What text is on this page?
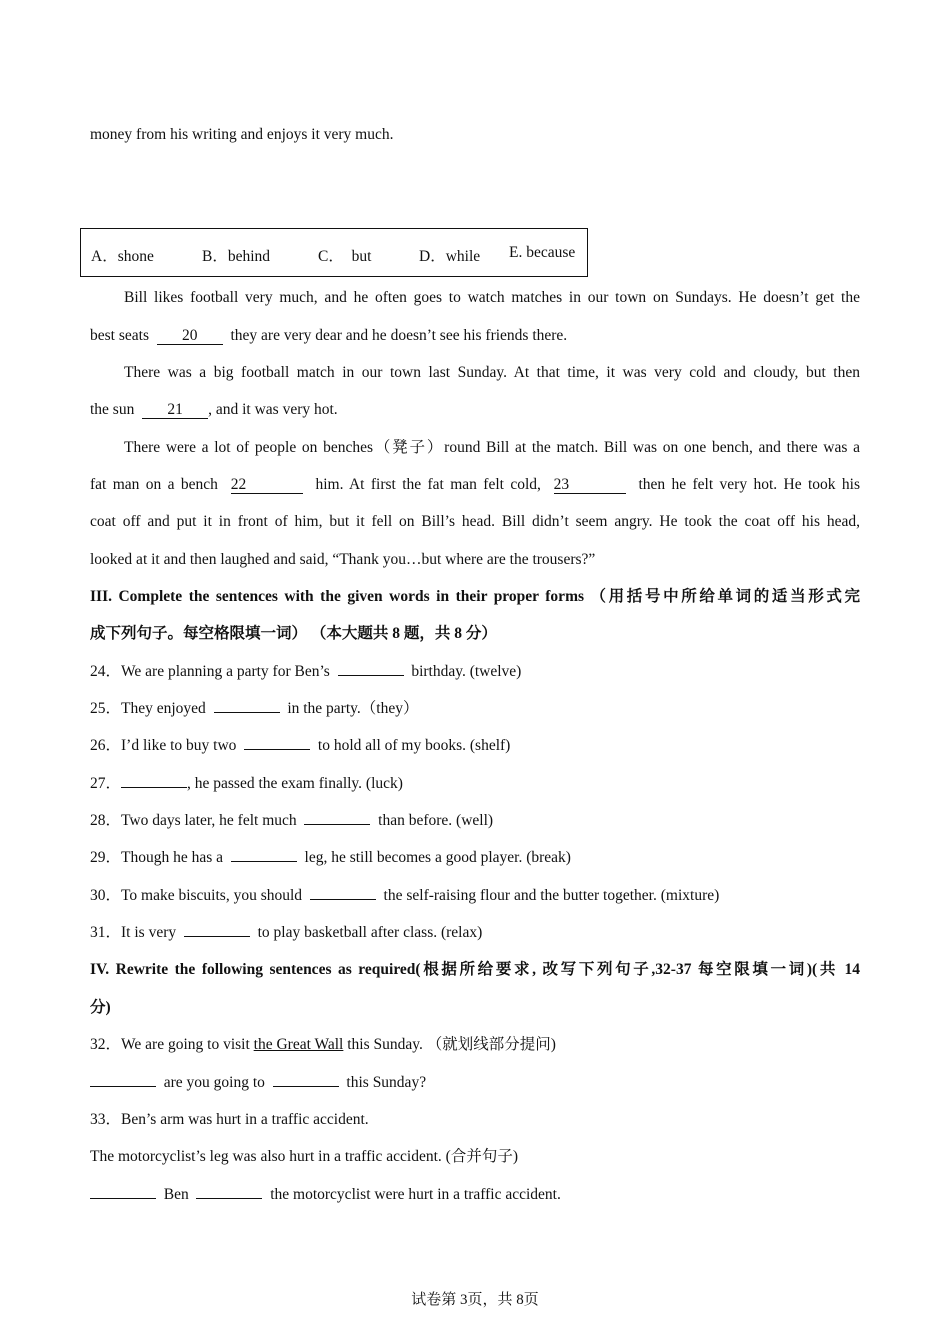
money from his writing and enjoys it very much.
A．shone	B．behind	C． but	D．while E. because
Bill likes football very much, and he often goes to watch matches in our town on Sundays. He doesn’t get the
best seats 20 they are very dear and he doesn’t see his friends there.
There was a big football match in our town last Sunday. At that time, it was very cold and cloudy, but then
the sun 21 , and it was very hot.
There were a lot of people on benches（凳子）round Bill at the match. Bill was on one bench, and there was a
fat man on a bench 22	him. At first the fat man felt cold, 23	then he felt very hot. He took his
coat off and put it in front of him, but it fell on Bill’s head. Bill didn’t seem angry. He took the coat off his head,
looked at it and then laughed and said, “Thank you…but where are the trousers?”
III. Complete the sentences with the given words in their proper forms （用括号中所给单词的适当形式完
成下列句子。每空格限填一词） （本大题共 8 题，共 8 分）
24．We are planning a party for Ben’s	birthday. (twelve)
25．They enjoyed	in the party.（they）
26．I’d like to buy two	to hold all of my books. (shelf)
27．	, he passed the exam finally. (luck)
28．Two days later, he felt much	than before. (well)
29．Though he has a	leg, he still becomes a good player. (break)
30．To make biscuits, you should	the self-raising flour and the butter together. (mixture)
31．It is very	to play basketball after class. (relax)
IV. Rewrite the following sentences as required(根据所给要求, 改写下列句子,32-37 每空限填一词)(共 14
分)
32．We are going to visit the Great Wall this Sunday. （就划线部分提问)
are you going to	this Sunday?
33．Ben’s arm was hurt in a traffic accident.
The motorcyclist’s leg was also hurt in a traffic accident. (合并句子)
Ben	the motorcyclist were hurt in a traffic accident.
试卷第 3页，共 8页
